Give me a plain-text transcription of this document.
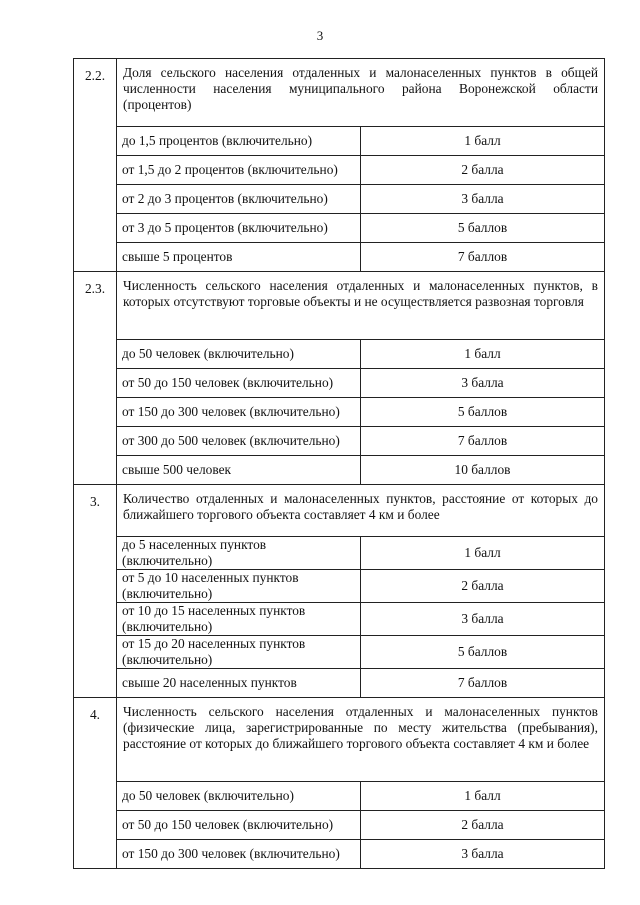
3
2.2.	Доля сельского населения отдаленных и малонаселенных пунктов в общей численности населения муниципального района Воронежской области (процентов)	
	до 1,5 процентов (включительно)	1 балл
	от 1,5 до 2 процентов (включительно)	2 балла
	от 2 до 3 процентов (включительно)	3 балла
	от 3 до 5 процентов (включительно)	5 баллов
	свыше 5 процентов	7 баллов
2.3.	Численность сельского населения отдаленных и малонаселенных пунктов, в которых отсутствуют торговые объекты и не осуществляется развозная торговля	
	до 50 человек (включительно)	1 балл
	от 50 до 150 человек (включительно)	3 балла
	от 150 до 300 человек (включительно)	5 баллов
	от 300 до 500 человек (включительно)	7 баллов
	свыше 500 человек	10 баллов
3.	Количество отдаленных и малонаселенных пунктов, расстояние от которых до ближайшего торгового объекта составляет 4 км и более	
	до 5 населенных пунктов (включительно)	1 балл
	от 5 до 10 населенных пунктов (включительно)	2 балла
	от 10 до 15 населенных пунктов (включительно)	3 балла
	от 15 до 20 населенных пунктов (включительно)	5 баллов
	свыше 20 населенных пунктов	7 баллов
4.	Численность сельского населения отдаленных и малонаселенных пунктов (физические лица, зарегистрированные по месту жительства (пребывания), расстояние от которых до ближайшего торгового объекта составляет 4 км и более	
	до 50 человек (включительно)	1 балл
	от 50 до 150 человек (включительно)	2 балла
	от 150 до 300 человек (включительно)	3 балла
